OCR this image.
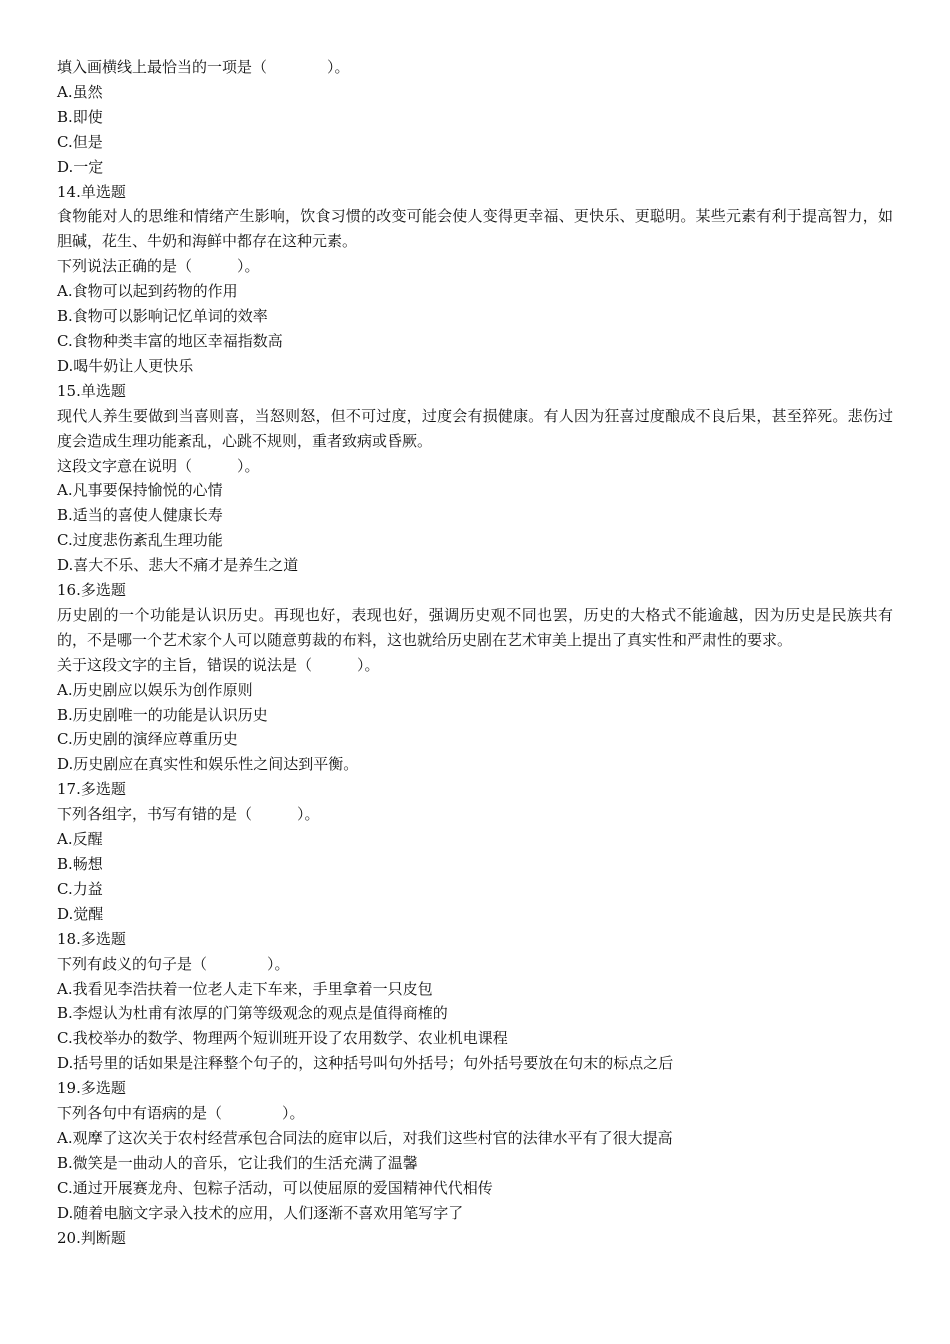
填入画横线上最恰当的一项是（　　　　）。
A.虽然
B.即使
C.但是
D.一定
14.单选题
食物能对人的思维和情绪产生影响，饮食习惯的改变可能会使人变得更幸福、更快乐、更聪明。某些元素有利于提高智力，如胆碱，花生、牛奶和海鲜中都存在这种元素。
下列说法正确的是（　　　）。
A.食物可以起到药物的作用
B.食物可以影响记忆单词的效率
C.食物种类丰富的地区幸福指数高
D.喝牛奶让人更快乐
15.单选题
现代人养生要做到当喜则喜，当怒则怒，但不可过度，过度会有损健康。有人因为狂喜过度酿成不良后果，甚至猝死。悲伤过度会造成生理功能紊乱，心跳不规则，重者致病或昏厥。
这段文字意在说明（　　　）。
A.凡事要保持愉悦的心情
B.适当的喜使人健康长寿
C.过度悲伤紊乱生理功能
D.喜大不乐、悲大不痛才是养生之道
16.多选题
历史剧的一个功能是认识历史。再现也好，表现也好，强调历史观不同也罢，历史的大格式不能逾越，因为历史是民族共有的，不是哪一个艺术家个人可以随意剪裁的布料，这也就给历史剧在艺术审美上提出了真实性和严肃性的要求。
关于这段文字的主旨，错误的说法是（　　　）。
A.历史剧应以娱乐为创作原则
B.历史剧唯一的功能是认识历史
C.历史剧的演绎应尊重历史
D.历史剧应在真实性和娱乐性之间达到平衡。
17.多选题
下列各组字，书写有错的是（　　　）。
A.反醒
B.畅想
C.力益
D.觉醒
18.多选题
下列有歧义的句子是（　　　　）。
A.我看见李浩扶着一位老人走下车来，手里拿着一只皮包
B.李煜认为杜甫有浓厚的门第等级观念的观点是值得商榷的
C.我校举办的数学、物理两个短训班开设了农用数学、农业机电课程
D.括号里的话如果是注释整个句子的，这种括号叫句外括号；句外括号要放在句末的标点之后
19.多选题
下列各句中有语病的是（　　　　）。
A.观摩了这次关于农村经营承包合同法的庭审以后，对我们这些村官的法律水平有了很大提高
B.微笑是一曲动人的音乐，它让我们的生活充满了温馨
C.通过开展赛龙舟、包粽子活动，可以使屈原的爱国精神代代相传
D.随着电脑文字录入技术的应用，人们逐渐不喜欢用笔写字了
20.判断题
